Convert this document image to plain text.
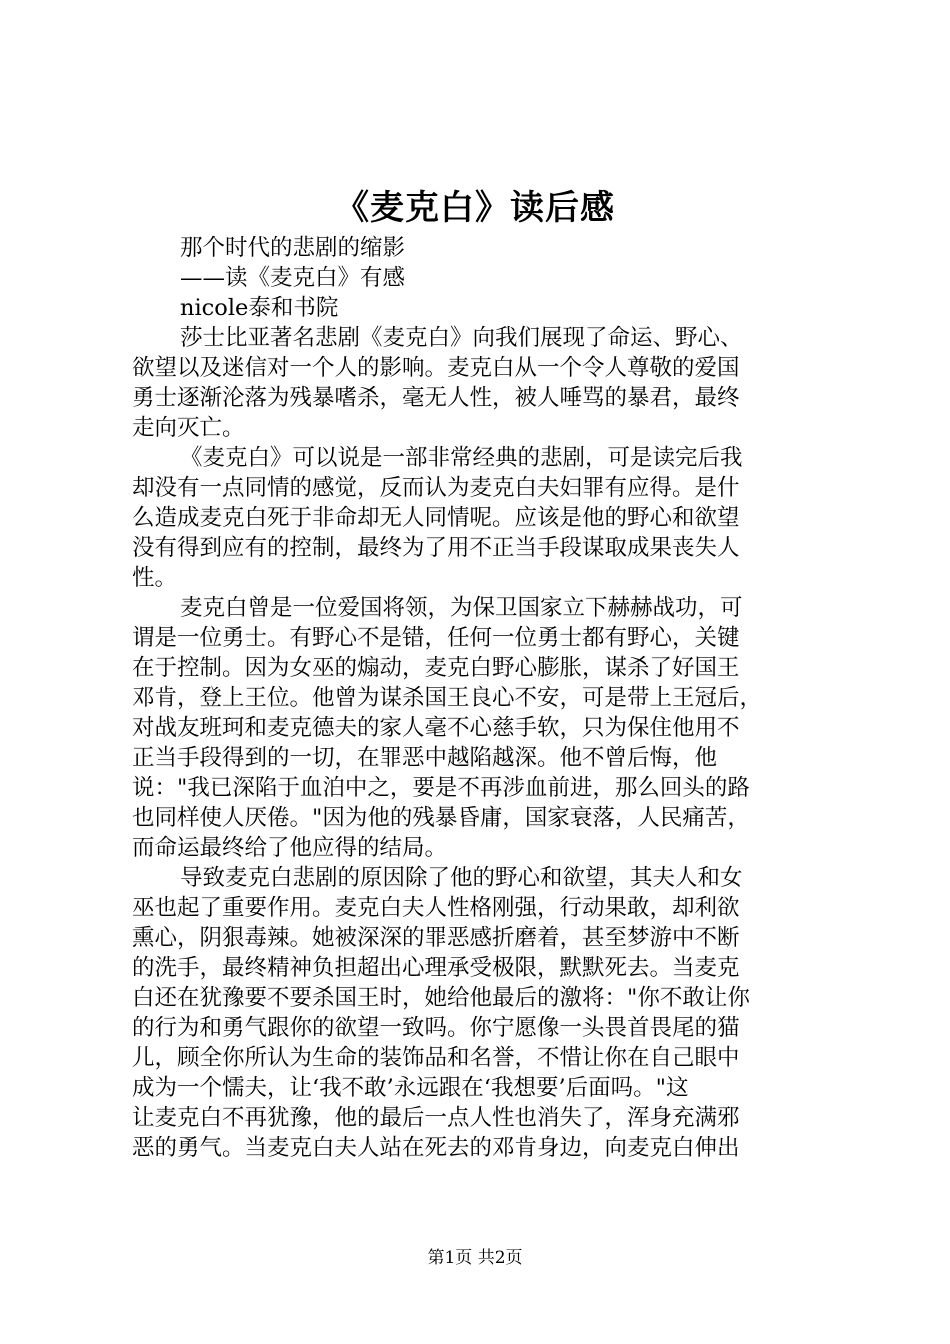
《麦克白》读后感
那个时代的悲剧的缩影
——读《麦克白》有感
nicole泰和书院
莎士比亚著名悲剧《麦克白》向我们展现了命运、野心、
欲望以及迷信对一个人的影响。麦克白从一个令人尊敬的爱国
勇士逐渐沦落为残暴嗜杀，毫无人性，被人唾骂的暴君，最终
走向灭亡。
《麦克白》可以说是一部非常经典的悲剧，可是读完后我
却没有一点同情的感觉，反而认为麦克白夫妇罪有应得。是什
么造成麦克白死于非命却无人同情呢。应该是他的野心和欲望
没有得到应有的控制，最终为了用不正当手段谋取成果丧失人
性。
麦克白曾是一位爱国将领，为保卫国家立下赫赫战功，可
谓是一位勇士。有野心不是错，任何一位勇士都有野心，关键
在于控制。因为女巫的煽动，麦克白野心膨胀，谋杀了好国王
邓肯，登上王位。他曾为谋杀国王良心不安，可是带上王冠后，
对战友班珂和麦克德夫的家人毫不心慈手软，只为保住他用不
正当手段得到的一切，在罪恶中越陷越深。他不曾后悔，他
说："我已深陷于血泊中之，要是不再涉血前进，那么回头的路
也同样使人厌倦。"因为他的残暴昏庸，国家衰落，人民痛苦，
而命运最终给了他应得的结局。
导致麦克白悲剧的原因除了他的野心和欲望，其夫人和女
巫也起了重要作用。麦克白夫人性格刚强，行动果敢，却利欲
熏心，阴狠毒辣。她被深深的罪恶感折磨着，甚至梦游中不断
的洗手，最终精神负担超出心理承受极限，默默死去。当麦克
白还在犹豫要不要杀国王时，她给他最后的激将："你不敢让你
的行为和勇气跟你的欲望一致吗。你宁愿像一头畏首畏尾的猫
儿，顾全你所认为生命的装饰品和名誉，不惜让你在自己眼中
成为一个懦夫，让‘我不敢’永远跟在‘我想要’后面吗。"这
让麦克白不再犹豫，他的最后一点人性也消失了，浑身充满邪
恶的勇气。当麦克白夫人站在死去的邓肯身边，向麦克白伸出
第1页 共2页
